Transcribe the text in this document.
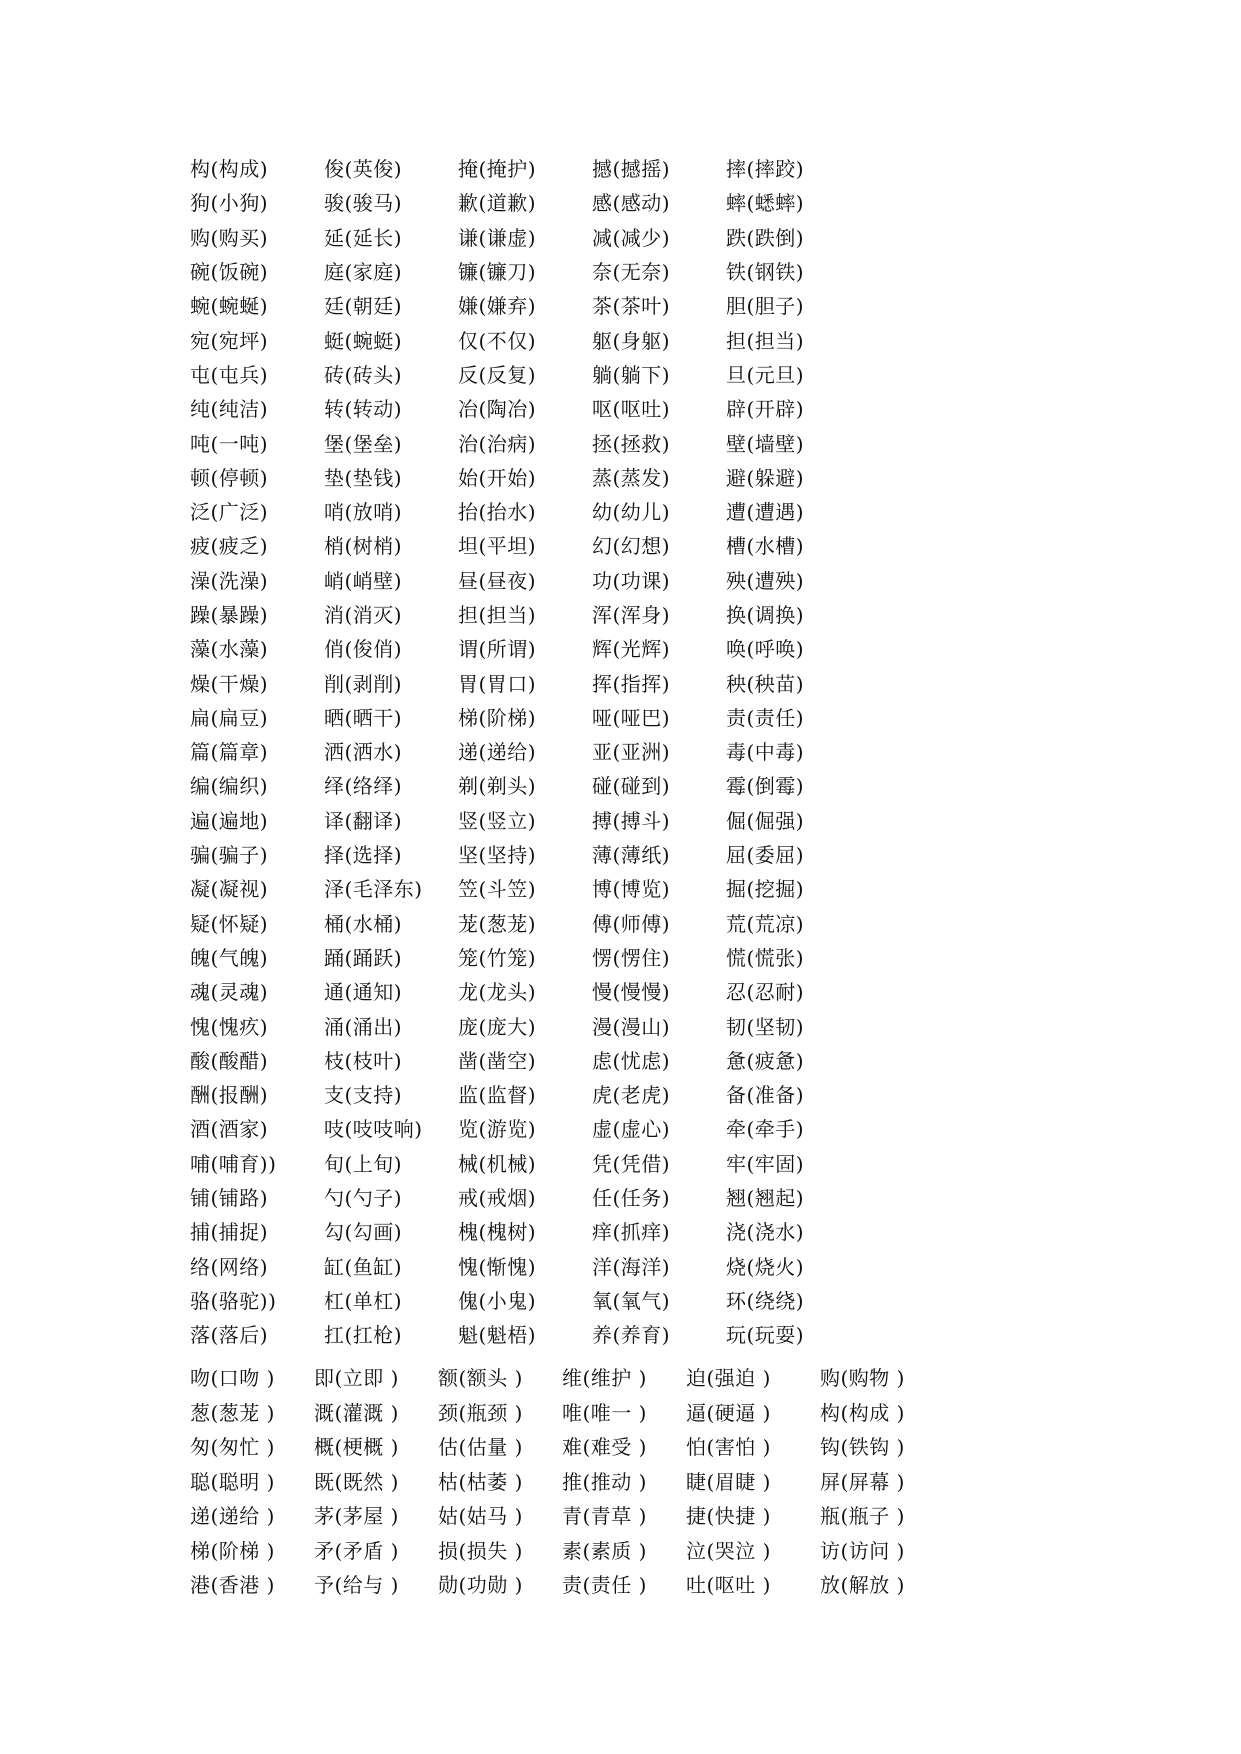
构(构成)	俊(英俊)	掩(掩护)	撼(撼摇)	摔(摔跤)
狗(小狗)	骏(骏马)	歉(道歉)	感(感动)	蟀(蟋蟀)
购(购买)	延(延长)	谦(谦虚)	减(减少)	跌(跌倒)
碗(饭碗)	庭(家庭)	镰(镰刀)	奈(无奈)	铁(钢铁)
蜿(蜿蜒)	廷(朝廷)	嫌(嫌弃)	茶(茶叶)	胆(胆子)
宛(宛坪)	蜓(蜿蜓)	仅(不仅)	躯(身躯)	担(担当)
屯(屯兵)	砖(砖头)	反(反复)	躺(躺下)	旦(元旦)
纯(纯洁)	转(转动)	冶(陶冶)	呕(呕吐)	辟(开辟)
吨(一吨)	堡(堡垒)	治(治病)	拯(拯救)	壁(墙壁)
顿(停顿)	垫(垫钱)	始(开始)	蒸(蒸发)	避(躲避)
泛(广泛)	哨(放哨)	抬(抬水)	幼(幼儿)	遭(遭遇)
疲(疲乏)	梢(树梢)	坦(平坦)	幻(幻想)	槽(水槽)
澡(洗澡)	峭(峭壁)	昼(昼夜)	功(功课)	殃(遭殃)
躁(暴躁)	消(消灭)	担(担当)	浑(浑身)	换(调换)
藻(水藻)	俏(俊俏)	谓(所谓)	辉(光辉)	唤(呼唤)
燥(干燥)	削(剥削)	胃(胃口)	挥(指挥)	秧(秧苗)
扁(扁豆)	晒(晒干)	梯(阶梯)	哑(哑巴)	责(责任)
篇(篇章)	洒(洒水)	递(递给)	亚(亚洲)	毒(中毒)
编(编织)	绎(络绎)	剃(剃头)	碰(碰到)	霉(倒霉)
遍(遍地)	译(翻译)	竖(竖立)	搏(搏斗)	倔(倔强)
骗(骗子)	择(选择)	坚(坚持)	薄(薄纸)	屈(委屈)
凝(凝视)	泽(毛泽东)	笠(斗笠)	博(博览)	掘(挖掘)
疑(怀疑)	桶(水桶)	茏(葱茏)	傅(师傅)	荒(荒凉)
魄(气魄)	踊(踊跃)	笼(竹笼)	愣(愣住)	慌(慌张)
魂(灵魂)	通(通知)	龙(龙头)	慢(慢慢)	忍(忍耐)
愧(愧疚)	涌(涌出)	庞(庞大)	漫(漫山)	韧(坚韧)
酸(酸醋)	枝(枝叶)	凿(凿空)	虑(忧虑)	惫(疲惫)
酬(报酬)	支(支持)	监(监督)	虎(老虎)	备(准备)
酒(酒家)	吱(吱吱响)	览(游览)	虚(虚心)	牵(牵手)
哺(哺育))	旬(上旬)	械(机械)	凭(凭借)	牢(牢固)
铺(铺路)	勺(勺子)	戒(戒烟)	任(任务)	翘(翘起)
捕(捕捉)	勾(勾画)	槐(槐树)	痒(抓痒)	浇(浇水)
络(网络)	缸(鱼缸)	愧(惭愧)	洋(海洋)	烧(烧火)
骆(骆驼))	杠(单杠)	傀(小鬼)	氧(氧气)	环(绕绕)
落(落后)	扛(扛枪)	魁(魁梧)	养(养育)	玩(玩耍)
吻(口吻 )	即(立即 )	额(额头 )	维(维护 )	迫(强迫 )	购(购物 )
葱(葱茏 )	溉(灌溉 )	颈(瓶颈 )	唯(唯一 )	逼(硬逼 )	构(构成 )
匆(匆忙 )	概(梗概 )	估(估量 )	难(难受 )	怕(害怕 )	钩(铁钩 )
聪(聪明 )	既(既然 )	枯(枯萎 )	推(推动 )	睫(眉睫 )	屏(屏幕 )
递(递给 )	茅(茅屋 )	姑(姑马 )	青(青草 )	捷(快捷 )	瓶(瓶子 )
梯(阶梯 )	矛(矛盾 )	损(损失 )	素(素质 )	泣(哭泣 )	访(访问 )
港(香港 )	予(给与 )	勋(功勋 )	责(责任 )	吐(呕吐 )	放(解放 )
